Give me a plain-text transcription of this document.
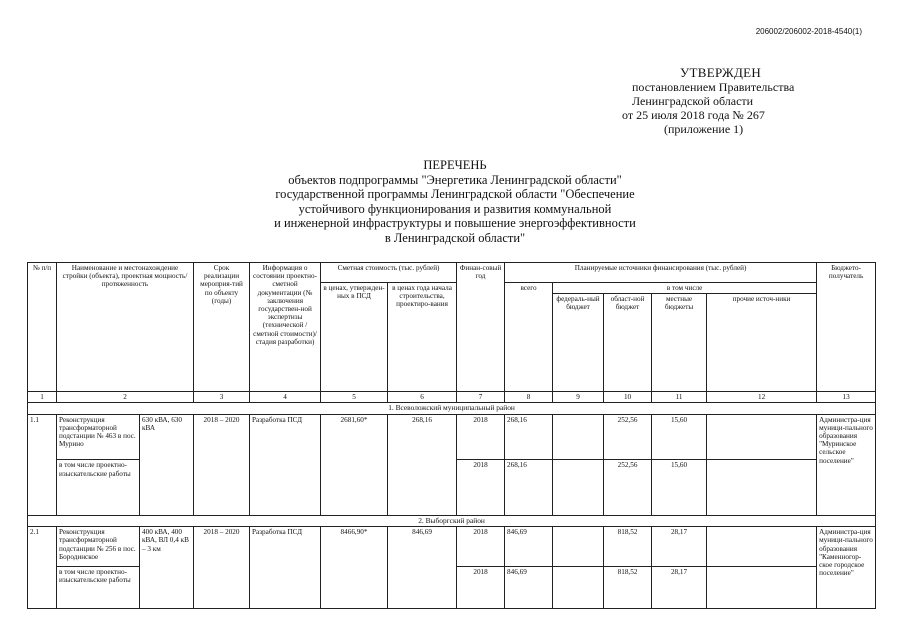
206002/206002-2018-4540(1)
УТВЕРЖДЕН
постановлением Правительства
Ленинградской области
от 25 июля 2018 года № 267
(приложение 1)
ПЕРЕЧЕНЬ
объектов подпрограммы "Энергетика Ленинградской области"
государственной программы Ленинградской области "Обеспечение
устойчивого функционирования и развития коммунальной
и инженерной инфраструктуры и повышение энергоэффективности
в Ленинградской области"
№ п/п	Наименование и местонахождение стройки (объекта), проектная мощность/ протяженность		Срок реализации мероприя-тий по объекту (годы)	Информация о состоянии проектно-сметной документации (№ заключения государствен-ной экспертизы (технической / сметной стоимости)/ стадия разработки)	Сметная стоимость (тыс. рублей)		Финан-совый год	Планируемые источники финансирования (тыс. рублей)					Бюджето-получатель	
					в ценах, утвержден-ных в ПСД	в ценах года начала строительства, проектиро-вания		всего	в том числе					
									федераль-ный бюджет	област-ной бюджет	местные бюджеты	прочие источ-ники		
1	2		3	4	5	6	7	8	9	10	11	12	13	
1. Всеволожский муниципальный район														
1.1	Реконструкция трансформаторной подстанции № 463 в пос. Мурино	630 кВА, 630 кВА	2018 – 2020	Разработка ПСД	2681,60*	268,16	2018	268,16		252,56	15,60		Администра-ция муници-пального образования "Муринское сельское поселение"	
	в том числе проектно-изыскательские работы						2018	268,16		252,56	15,60			
2. Выборгский район														
2.1	Реконструкция трансформаторной подстанции № 256 в пос. Бородинское	400 кВА, 400 кВА, ВЛ 0,4 кВ – 3 км	2018 – 2020	Разработка ПСД	8466,90*	846,69	2018	846,69		818,52	28,17		Администра-ция муници-пального образования "Каменногор-ское городское поселение"	
	в том числе проектно-изыскательские работы						2018	846,69		818,52	28,17			
